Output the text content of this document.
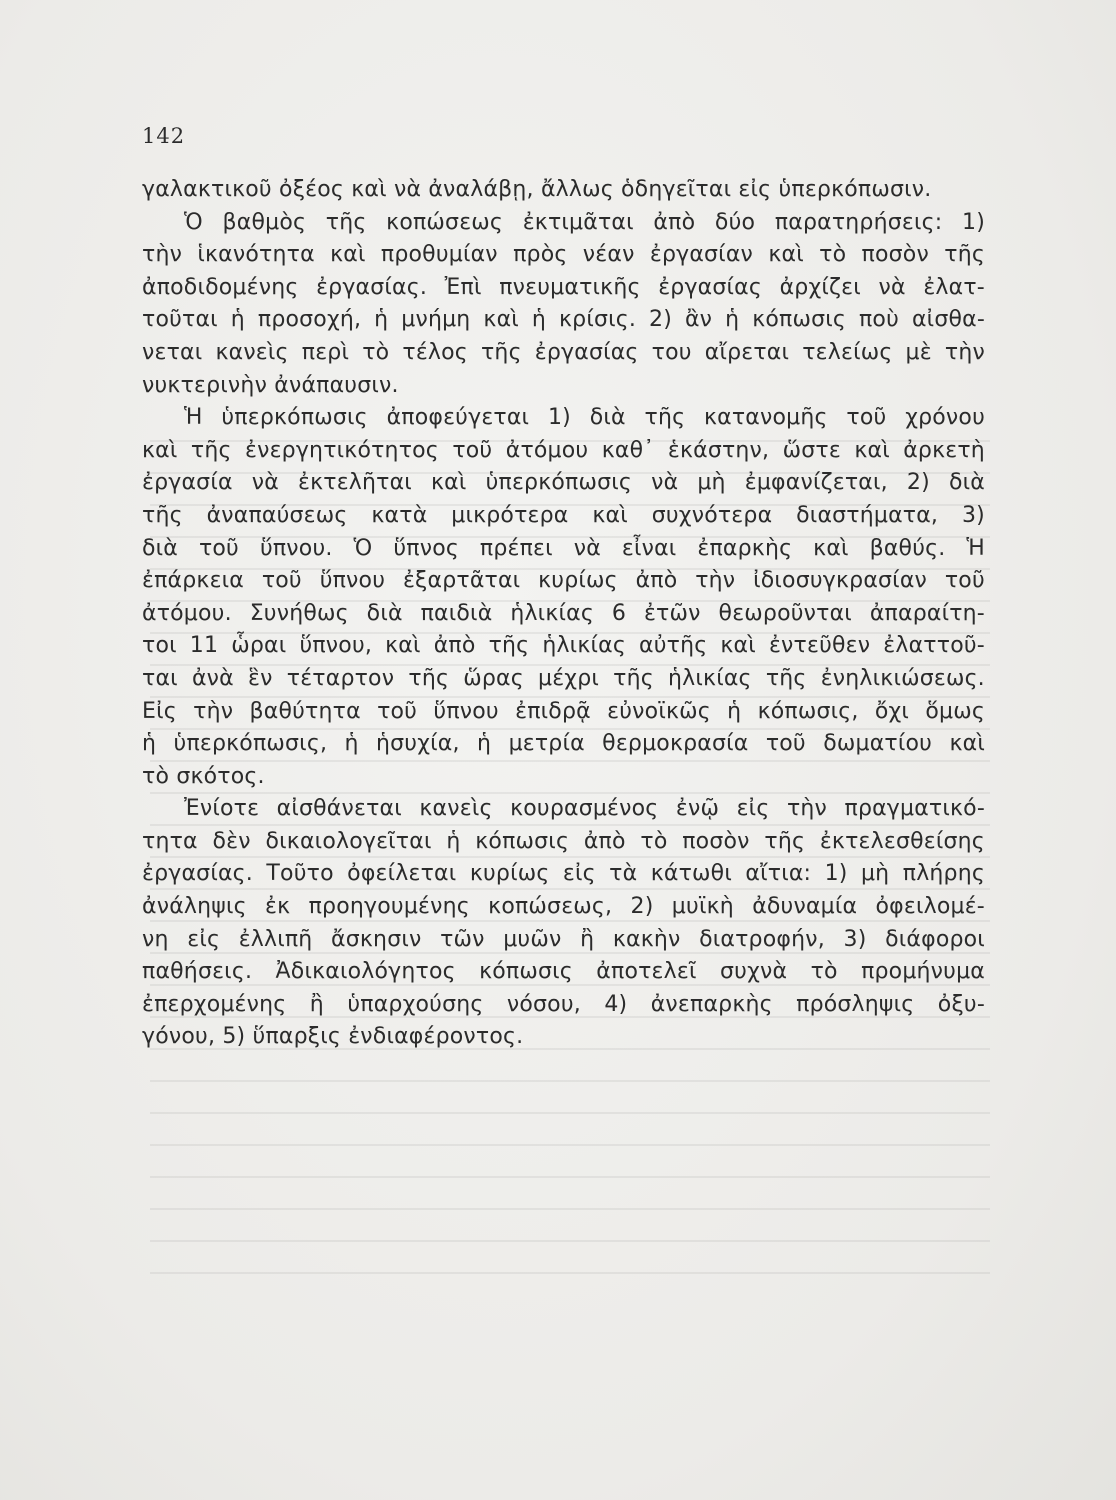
142
γαλακτικοῦ ὀξέος καὶ νὰ ἀναλάβῃ, ἄλλως ὁδηγεῖται εἰς ὑπερκόπωσιν.
Ὁ βαθμὸς τῆς κοπώσεως ἐκτιμᾶται ἀπὸ δύο παρατηρήσεις: 1)
τὴν ἱκανότητα καὶ προθυμίαν πρὸς νέαν ἐργασίαν καὶ τὸ ποσὸν τῆς
ἀποδιδομένης ἐργασίας. Ἐπὶ πνευματικῆς ἐργασίας ἀρχίζει νὰ ἐλατ-
τοῦται ἡ προσοχή, ἡ μνήμη καὶ ἡ κρίσις. 2) ἂν ἡ κόπωσις ποὺ αἰσθα-
νεται κανεὶς περὶ τὸ τέλος τῆς ἐργασίας του αἴρεται τελείως μὲ τὴν
νυκτερινὴν ἀνάπαυσιν.
Ἡ ὑπερκόπωσις ἀποφεύγεται 1) διὰ τῆς κατανομῆς τοῦ χρόνου
καὶ τῆς ἐνεργητικότητος τοῦ ἀτόμου καθ᾽ ἑκάστην, ὥστε καὶ ἀρκετὴ
ἐργασία νὰ ἐκτελῆται καὶ ὑπερκόπωσις νὰ μὴ ἐμφανίζεται, 2) διὰ
τῆς ἀναπαύσεως κατὰ μικρότερα καὶ συχνότερα διαστήματα, 3)
διὰ τοῦ ὕπνου. Ὁ ὕπνος πρέπει νὰ εἶναι ἐπαρκὴς καὶ βαθύς. Ἡ
ἐπάρκεια τοῦ ὕπνου ἐξαρτᾶται κυρίως ἀπὸ τὴν ἰδιοσυγκρασίαν τοῦ
ἀτόμου. Συνήθως διὰ παιδιὰ ἡλικίας 6 ἐτῶν θεωροῦνται ἀπαραίτη-
τοι 11 ὧραι ὕπνου, καὶ ἀπὸ τῆς ἡλικίας αὐτῆς καὶ ἐντεῦθεν ἐλαττοῦ-
ται ἀνὰ ἓν τέταρτον τῆς ὥρας μέχρι τῆς ἡλικίας τῆς ἐνηλικιώσεως.
Εἰς τὴν βαθύτητα τοῦ ὕπνου ἐπιδρᾷ εὐνοϊκῶς ἡ κόπωσις, ὄχι ὅμως
ἡ ὑπερκόπωσις, ἡ ἡσυχία, ἡ μετρία θερμοκρασία τοῦ δωματίου καὶ
τὸ σκότος.
Ἐνίοτε αἰσθάνεται κανεὶς κουρασμένος ἐνῷ εἰς τὴν πραγματικό-
τητα δὲν δικαιολογεῖται ἡ κόπωσις ἀπὸ τὸ ποσὸν τῆς ἐκτελεσθείσης
ἐργασίας. Τοῦτο ὀφείλεται κυρίως εἰς τὰ κάτωθι αἴτια: 1) μὴ πλήρης
ἀνάληψις ἐκ προηγουμένης κοπώσεως, 2) μυϊκὴ ἀδυναμία ὀφειλομέ-
νη εἰς ἐλλιπῆ ἄσκησιν τῶν μυῶν ἢ κακὴν διατροφήν, 3) διάφοροι
παθήσεις. Ἀδικαιολόγητος κόπωσις ἀποτελεῖ συχνὰ τὸ προμήνυμα
ἐπερχομένης ἢ ὑπαρχούσης νόσου, 4) ἀνεπαρκὴς πρόσληψις ὀξυ-
γόνου, 5) ὕπαρξις ἐνδιαφέροντος.
